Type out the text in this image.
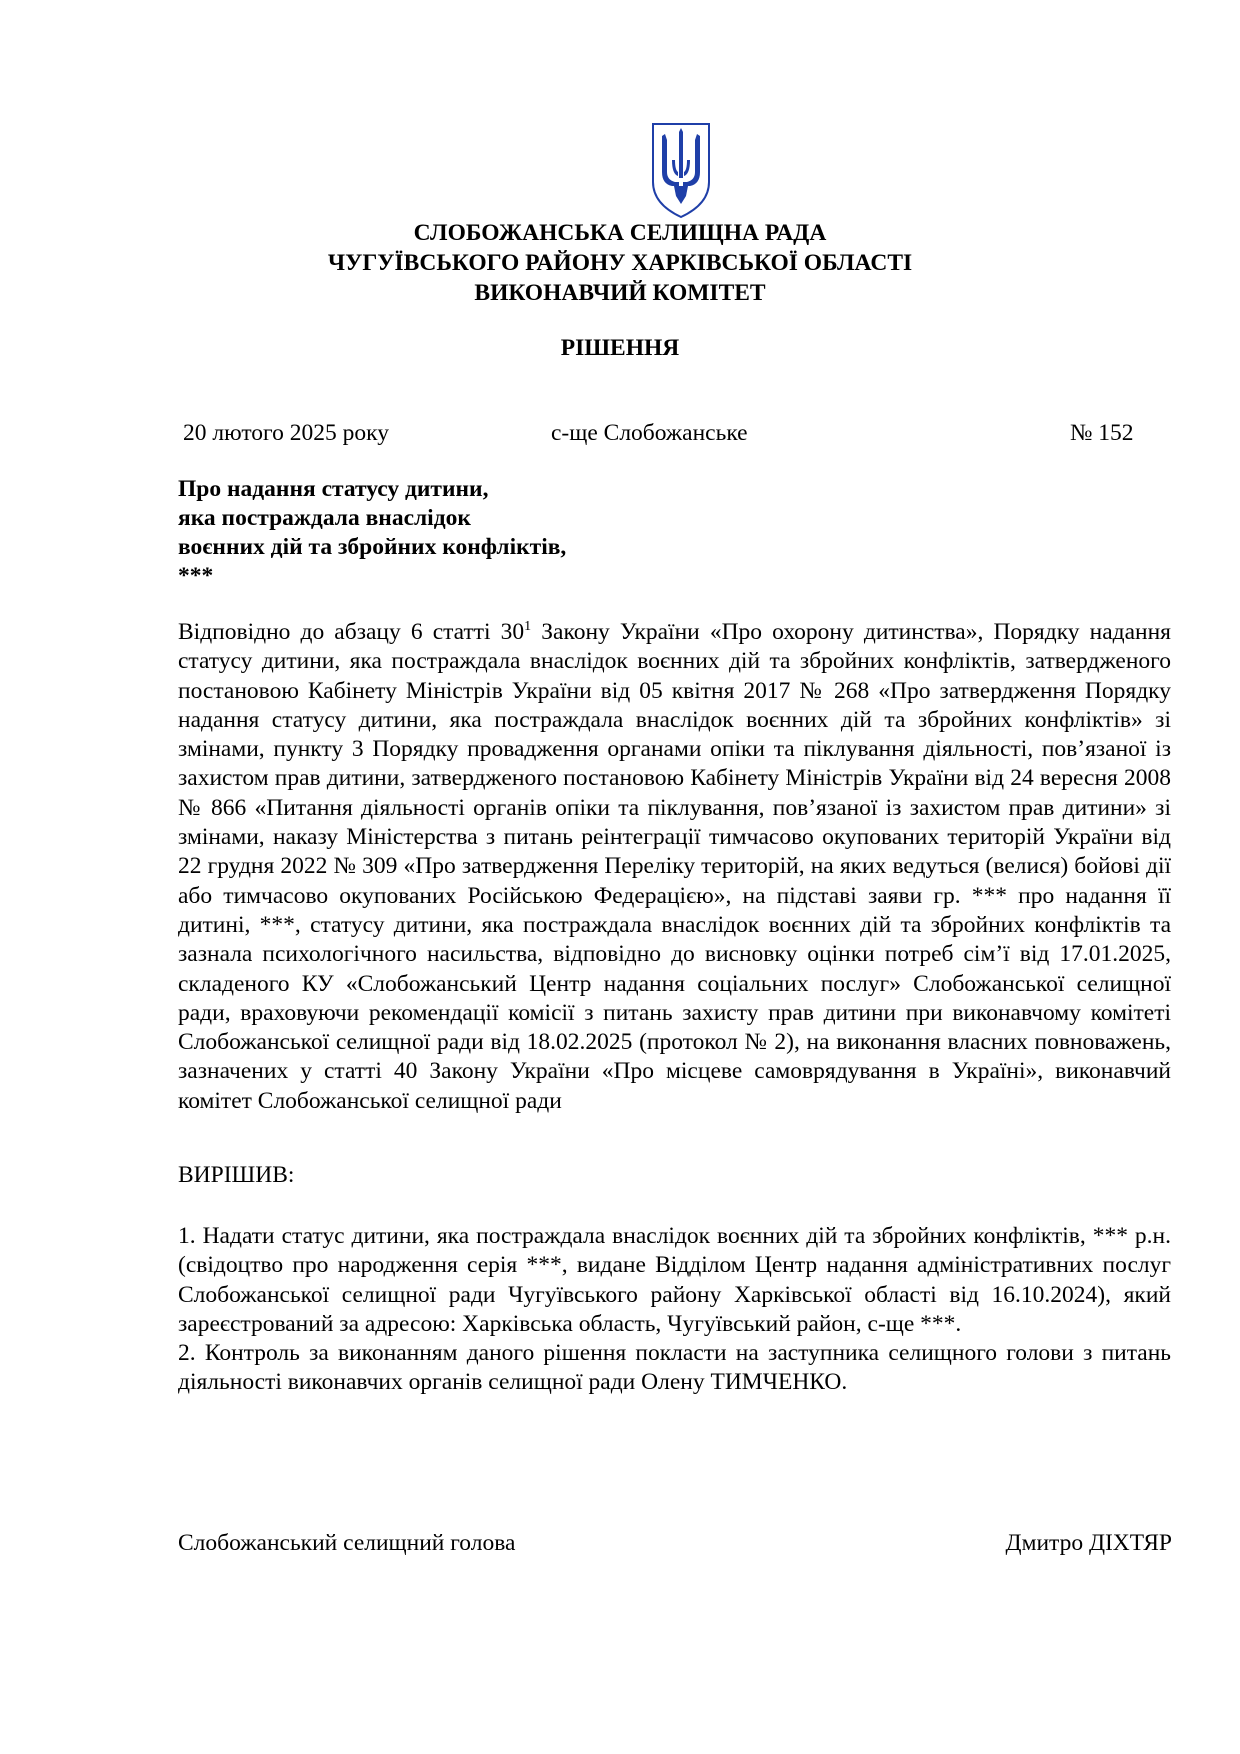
СЛОБОЖАНСЬКА СЕЛИЩНА РАДА
ЧУГУЇВСЬКОГО РАЙОНУ ХАРКІВСЬКОЇ ОБЛАСТІ
ВИКОНАВЧИЙ КОМІТЕТ
РІШЕННЯ
20 лютого 2025 року	с-ще Слобожанське	№ 152
Про надання статусу дитини,
яка постраждала внаслідок
воєнних дій та збройних конфліктів,
***
Відповідно до абзацу 6 статті $30^1$ Закону України «Про охорону дитинства», Порядку надання статусу дитини, яка постраждала внаслідок воєнних дій та збройних конфліктів, затвердженого постановою Кабінету Міністрів України від 05 квітня 2017 № 268 «Про затвердження Порядку надання статусу дитини, яка постраждала внаслідок воєнних дій та збройних конфліктів» зі змінами, пункту 3 Порядку провадження органами опіки та піклування діяльності, пов’язаної із захистом прав дитини, затвердженого постановою Кабінету Міністрів України від 24 вересня 2008 № 866 «Питання діяльності органів опіки та піклування, пов’язаної із захистом прав дитини» зі змінами, наказу Міністерства з питань реінтеграції тимчасово окупованих територій України від 22 грудня 2022 № 309 «Про затвердження Переліку територій, на яких ведуться (велися) бойові дії або тимчасово окупованих Російською Федерацією», на підставі заяви гр. *** про надання її дитині, ***, статусу дитини, яка постраждала внаслідок воєнних дій та збройних конфліктів та зазнала психологічного насильства, відповідно до висновку оцінки потреб сім’ї від 17.01.2025, складеного КУ «Слобожанський Центр надання соціальних послуг» Слобожанської селищної ради, враховуючи рекомендації комісії з питань захисту прав дитини при виконавчому комітеті Слобожанської селищної ради від 18.02.2025 (протокол № 2), на виконання власних повноважень, зазначених у статті 40 Закону України «Про місцеве самоврядування в Україні», виконавчий комітет Слобожанської селищної ради
ВИРІШИВ:

1. Надати статус дитини, яка постраждала внаслідок воєнних дій та збройних конфліктів, *** р.н. (свідоцтво про народження серія ***, видане Відділом Центр надання адміністративних послуг Слобожанської селищної ради Чугуївського району Харківської області від 16.10.2024), який зареєстрований за адресою: Харківська область, Чугуївський район, с-ще ***.

2. Контроль за виконанням даного рішення покласти на заступника селищного голови з питань діяльності виконавчих органів селищної ради Олену ТИМЧЕНКО.

Слобожанський селищний голова	Дмитро ДІХТЯР
